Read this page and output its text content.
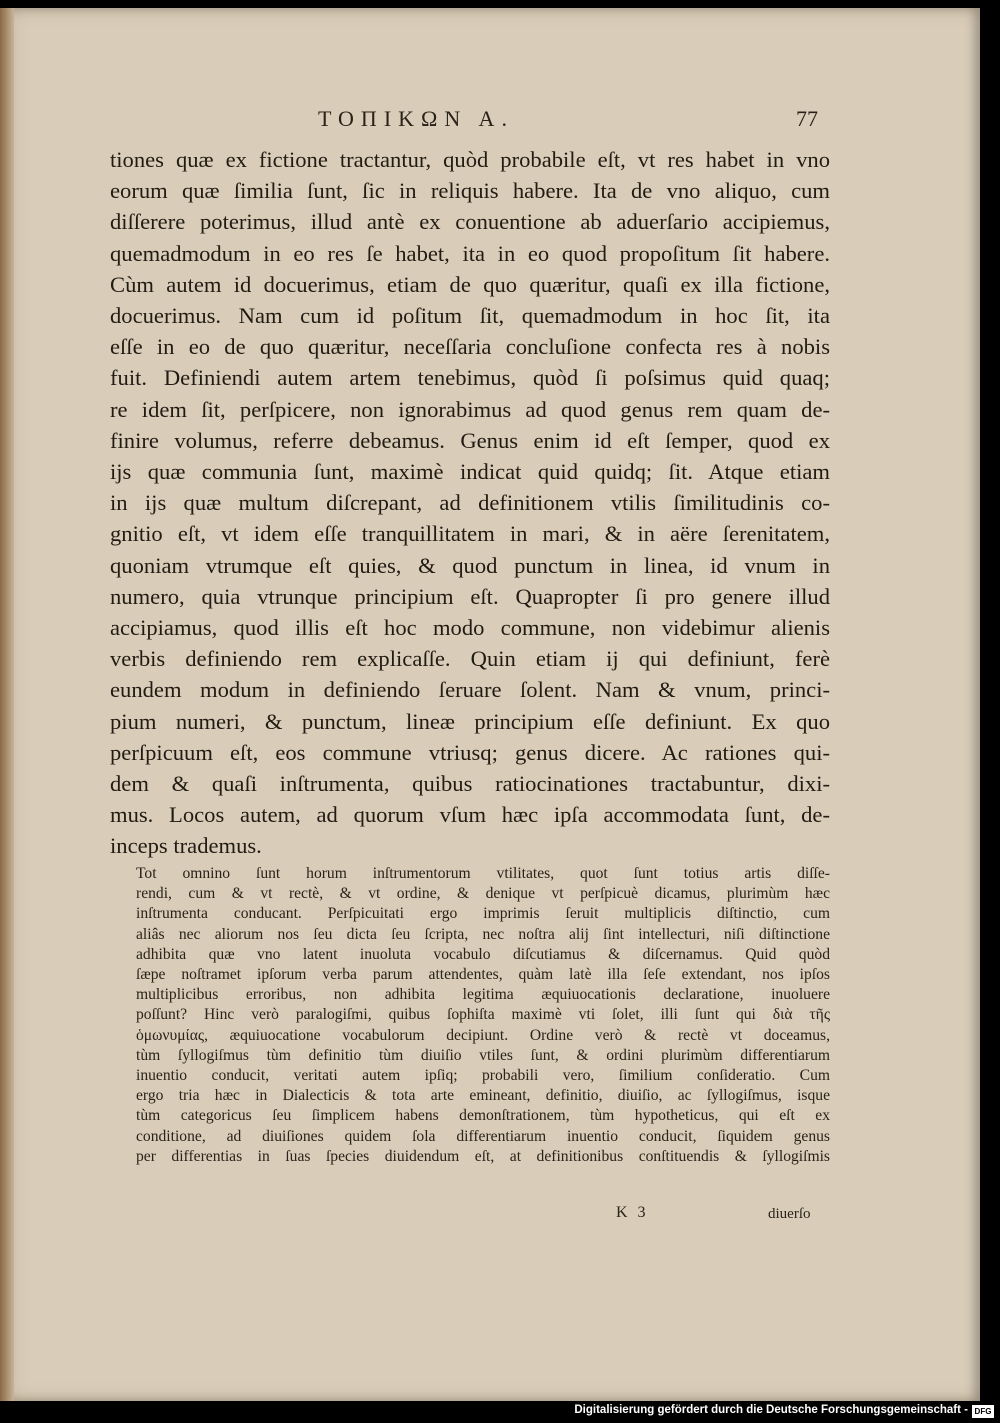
ΤΟΠΙΚΩΝ Α.	77
tiones quæ ex fictione tractantur, quòd probabile eſt, vt res habet in vno
eorum quæ ſimilia ſunt, ſic in reliquis habere. Ita de vno aliquo, cum
diſſerere poterimus, illud antè ex conuentione ab aduerſario accipiemus,
quemadmodum in eo res ſe habet, ita in eo quod propoſitum ſit habere.
Cùm autem id docuerimus, etiam de quo quæritur, quaſi ex illa fictione,
docuerimus. Nam cum id poſitum ſit, quemadmodum in hoc ſit, ita
eſſe in eo de quo quæritur, neceſſaria concluſione confecta res à nobis
fuit. Definiendi autem artem tenebimus, quòd ſi poſsimus quid quaq;
re idem ſit, perſpicere, non ignorabimus ad quod genus rem quam de-
finire volumus, referre debeamus. Genus enim id eſt ſemper, quod ex
ijs quæ communia ſunt, maximè indicat quid quidq; ſit. Atque etiam
in ijs quæ multum diſcrepant, ad definitionem vtilis ſimilitudinis co-
gnitio eſt, vt idem eſſe tranquillitatem in mari, & in aëre ſerenitatem,
quoniam vtrumque eſt quies, & quod punctum in linea, id vnum in
numero, quia vtrunque principium eſt. Quapropter ſi pro genere illud
accipiamus, quod illis eſt hoc modo commune, non videbimur alienis
verbis definiendo rem explicaſſe. Quin etiam ij qui definiunt, ferè
eundem modum in definiendo ſeruare ſolent. Nam & vnum, princi-
pium numeri, & punctum, lineæ principium eſſe definiunt. Ex quo
perſpicuum eſt, eos commune vtriusq; genus dicere. Ac rationes qui-
dem & quaſi inſtrumenta, quibus ratiocinationes tractabuntur, dixi-
mus. Locos autem, ad quorum vſum hæc ipſa accommodata ſunt, de-
inceps trademus.
Tot omnino ſunt horum inſtrumentorum vtilitates, quot ſunt totius artis diſſe-
rendi, cum & vt rectè, & vt ordine, & denique vt perſpicuè dicamus, plurimùm hæc
inſtrumenta conducant. Perſpicuitati ergo imprimis ſeruit multiplicis diſtinctio, cum
aliâs nec aliorum nos ſeu dicta ſeu ſcripta, nec noſtra alij ſint intellecturi, niſi diſtinctione
adhibita quæ vno latent inuoluta vocabulo diſcutiamus & diſcernamus. Quid quòd
ſæpe noſtramet ipſorum verba parum attendentes, quàm latè illa ſeſe extendant, nos ipſos
multiplicibus erroribus, non adhibita legitima æquiuocationis declaratione, inuoluere
poſſunt? Hinc verò paralogiſmi, quibus ſophiſta maximè vti ſolet, illi ſunt qui διὰ τῆς
ὁμωνυμίας, æquiuocatione vocabulorum decipiunt. Ordine verò & rectè vt doceamus,
tùm ſyllogiſmus tùm definitio tùm diuiſio vtiles ſunt, & ordini plurimùm differentiarum
inuentio conducit, veritati autem ipſiq; probabili vero, ſimilium conſideratio. Cum
ergo tria hæc in Dialecticis & tota arte emineant, definitio, diuiſio, ac ſyllogiſmus, isque
tùm categoricus ſeu ſimplicem habens demonſtrationem, tùm hypotheticus, qui eſt ex
conditione, ad diuiſiones quidem ſola differentiarum inuentio conducit, ſiquidem genus
per differentias in ſuas ſpecies diuidendum eſt, at definitionibus conſtituendis & ſyllogiſmis
K 3	diuerſo
Digitalisierung gefördert durch die Deutsche Forschungsgemeinschaft - DFG
